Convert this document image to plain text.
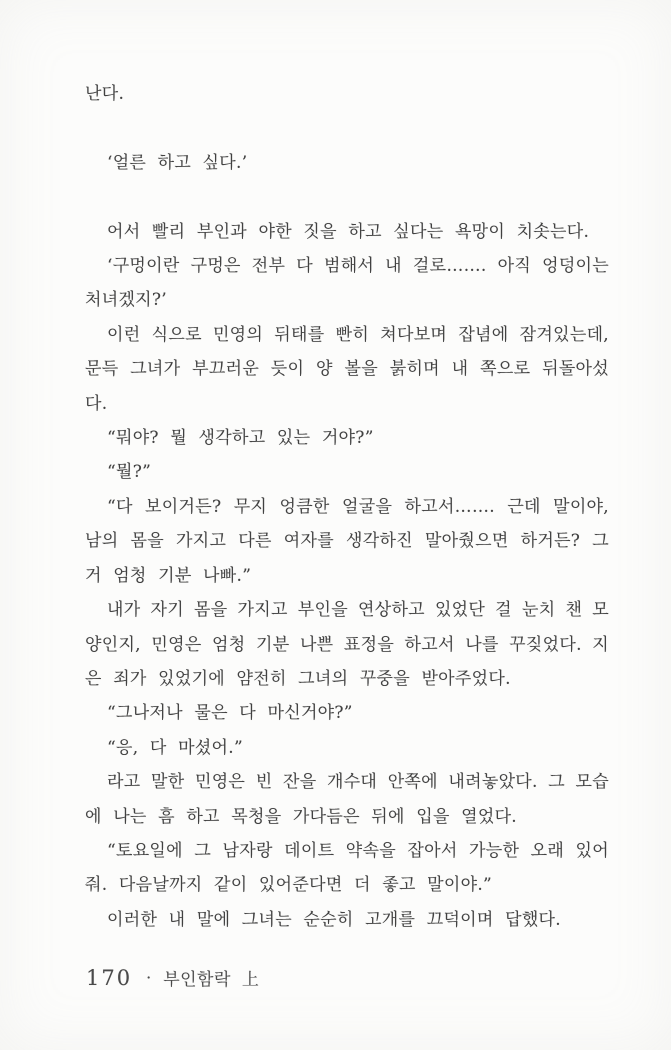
난다.

‘얼른 하고 싶다.’

어서 빨리 부인과 야한 짓을 하고 싶다는 욕망이 치솟는다.
‘구멍이란 구멍은 전부 다 범해서 내 걸로……. 아직 엉덩이는
처녀겠지?’
이런 식으로 민영의 뒤태를 빤히 쳐다보며 잡념에 잠겨있는데,
문득 그녀가 부끄러운 듯이 양 볼을 붉히며 내 쪽으로 뒤돌아섰
다.
“뭐야? 뭘 생각하고 있는 거야?”
“뭘?”
“다 보이거든? 무지 엉큼한 얼굴을 하고서……. 근데 말이야,
남의 몸을 가지고 다른 여자를 생각하진 말아줬으면 하거든? 그
거 엄청 기분 나빠.”
내가 자기 몸을 가지고 부인을 연상하고 있었단 걸 눈치 챈 모
양인지, 민영은 엄청 기분 나쁜 표정을 하고서 나를 꾸짖었다. 지
은 죄가 있었기에 얌전히 그녀의 꾸중을 받아주었다.
“그나저나 물은 다 마신거야?”
“응, 다 마셨어.”
라고 말한 민영은 빈 잔을 개수대 안쪽에 내려놓았다. 그 모습
에 나는 흠 하고 목청을 가다듬은 뒤에 입을 열었다.
“토요일에 그 남자랑 데이트 약속을 잡아서 가능한 오래 있어
줘. 다음날까지 같이 있어준다면 더 좋고 말이야.”
이러한 내 말에 그녀는 순순히 고개를 끄덕이며 답했다.
170 · 부인함락 上
